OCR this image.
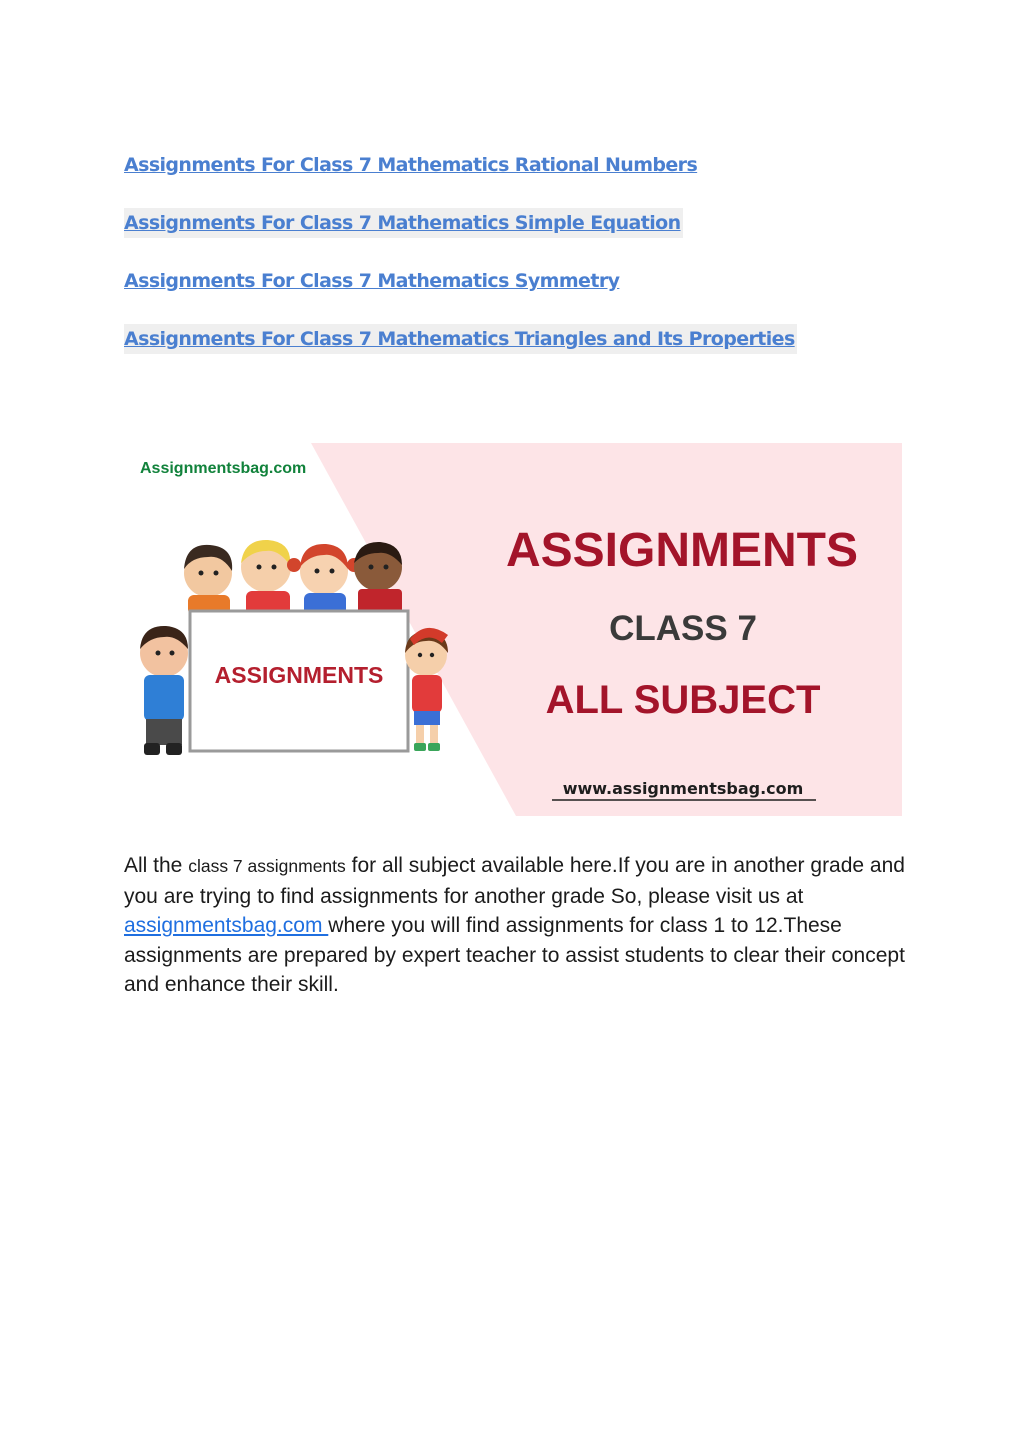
Assignments For Class 7 Mathematics Rational Numbers
Assignments For Class 7 Mathematics Simple Equation
Assignments For Class 7 Mathematics Symmetry
Assignments For Class 7 Mathematics Triangles and Its Properties
Assignmentsbag.com
ASSIGNMENTS
ASSIGNMENTS
CLASS 7
ALL SUBJECT
www.assignmentsbag.com

All the class 7 assignments for all subject available here.If you are in another grade and you are trying to find assignments for another grade So, please visit us at assignmentsbag.com where you will find assignments for class 1 to 12.These assignments are prepared by expert teacher to assist students to clear their concept and enhance their skill.
